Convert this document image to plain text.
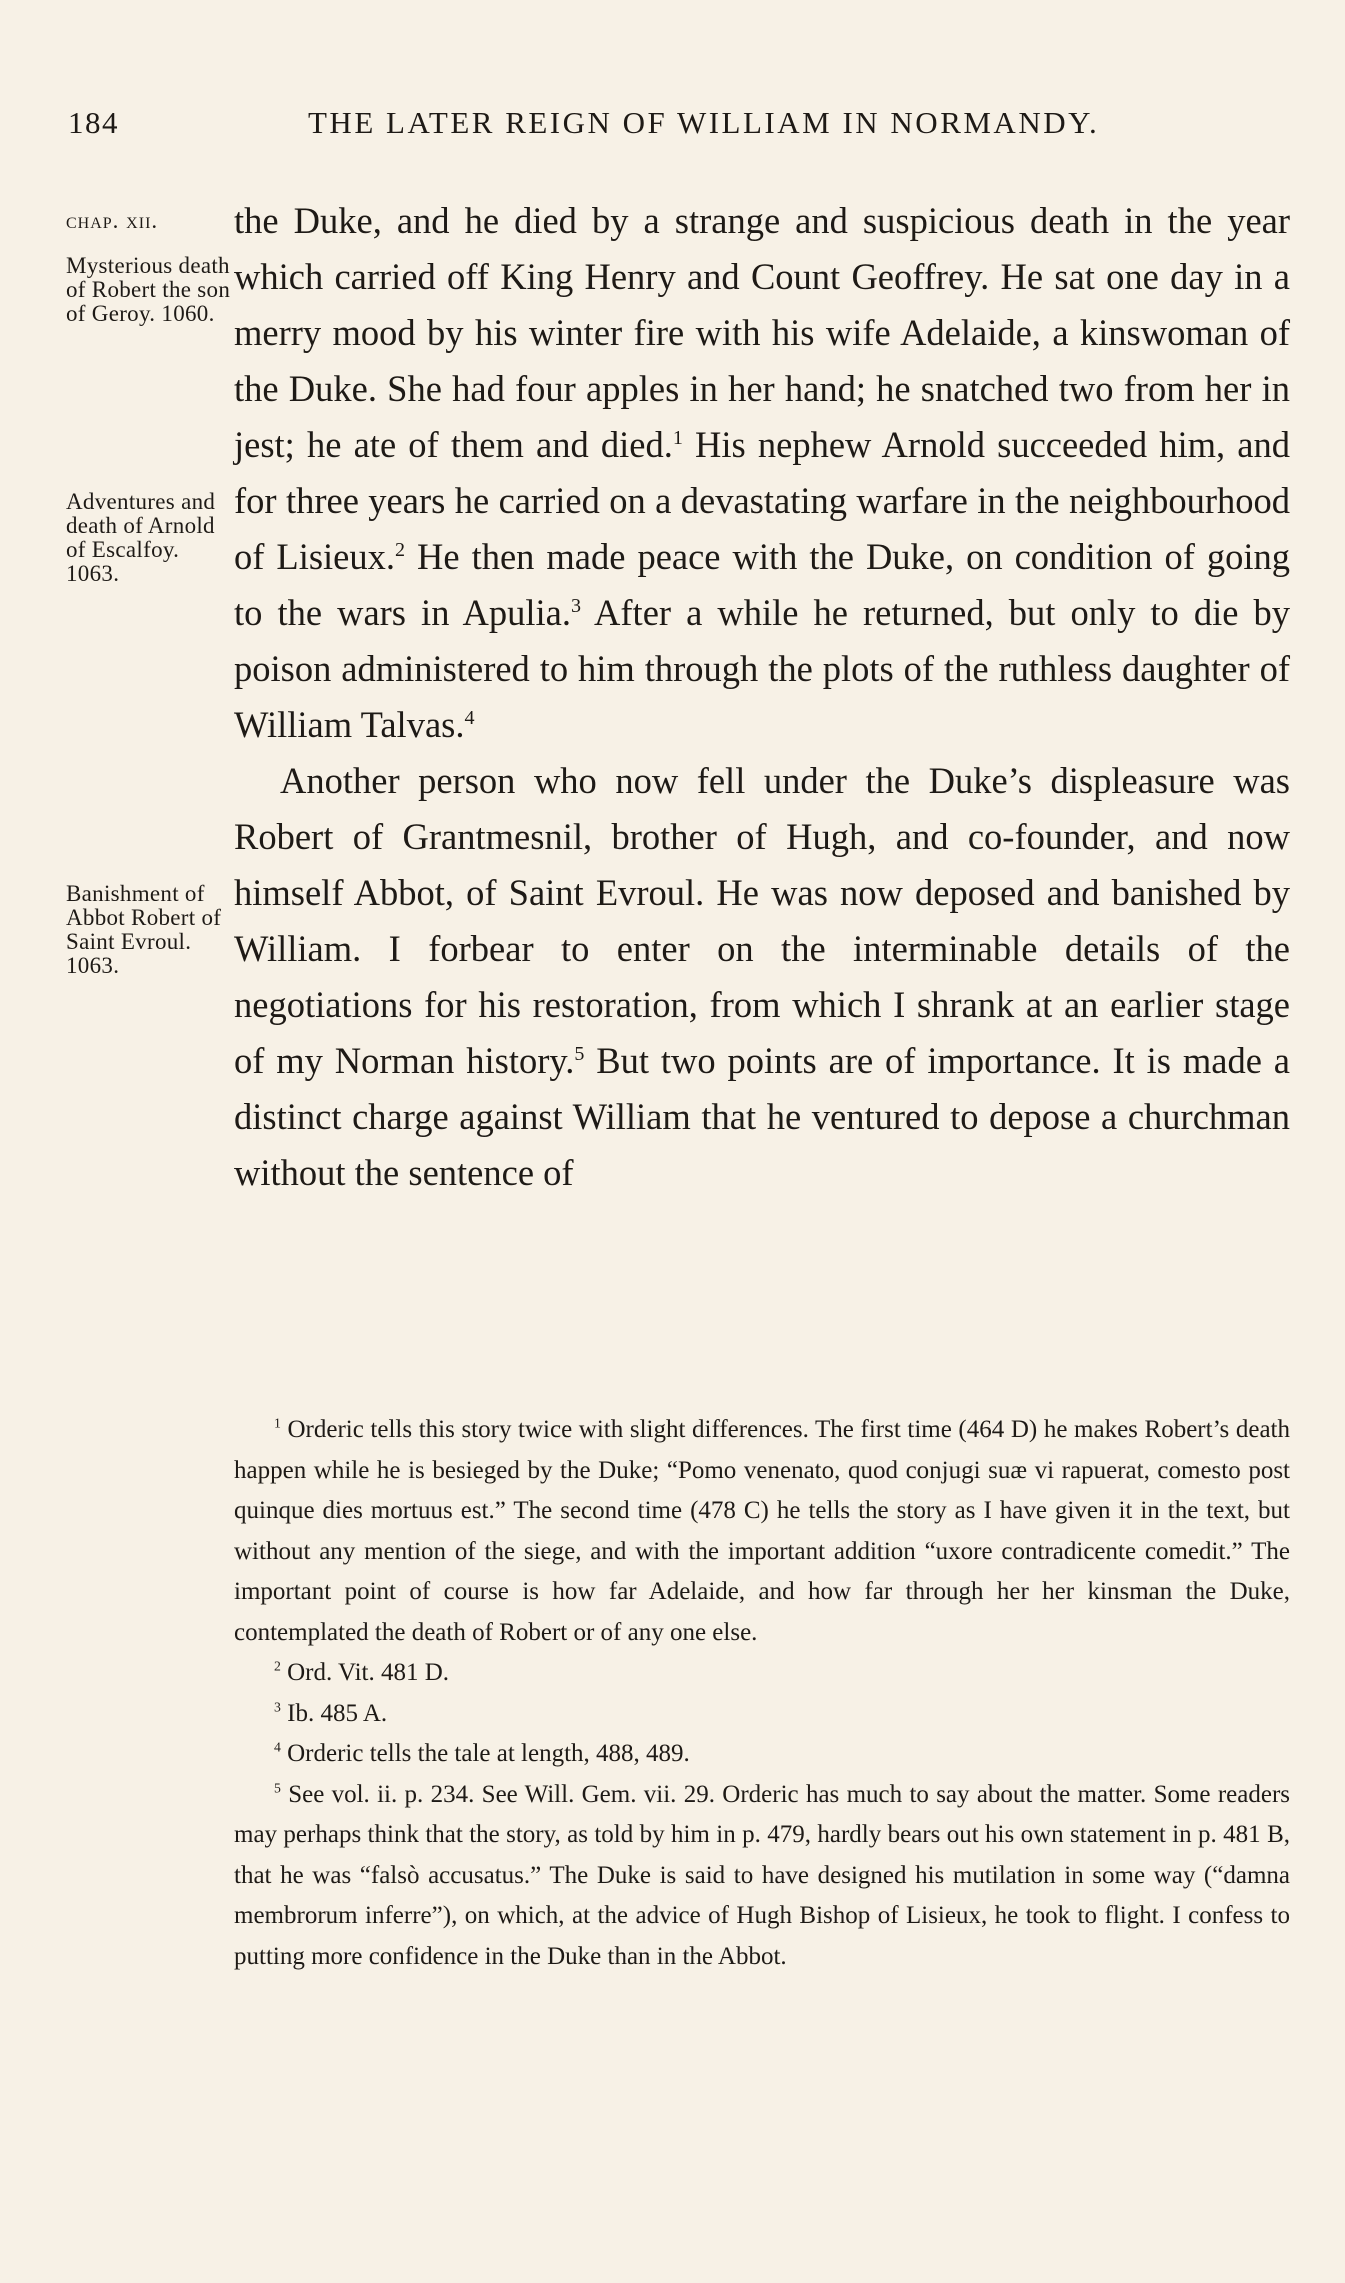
184	THE LATER REIGN OF WILLIAM IN NORMANDY.
chap. xii.
Mysterious death of Robert the son of Geroy. 1060.
Adventures and death of Arnold of Escalfoy. 1063.
Banishment of Abbot Robert of Saint Evroul. 1063.

the Duke, and he died by a strange and suspicious death in the year which carried off King Henry and Count Geoffrey. He sat one day in a merry mood by his winter fire with his wife Adelaide, a kinswoman of the Duke. She had four apples in her hand; he snatched two from her in jest; he ate of them and died.$^1$ His nephew Arnold succeeded him, and for three years he carried on a devastating warfare in the neighbourhood of Lisieux.$^2$ He then made peace with the Duke, on condition of going to the wars in Apulia.$^3$ After a while he returned, but only to die by poison administered to him through the plots of the ruthless daughter of William Talvas.$^4$

Another person who now fell under the Duke’s displeasure was Robert of Grantmesnil, brother of Hugh, and co-founder, and now himself Abbot, of Saint Evroul. He was now deposed and banished by William. I forbear to enter on the interminable details of the negotiations for his restoration, from which I shrank at an earlier stage of my Norman history.$^5$ But two points are of importance. It is made a distinct charge against William that he ventured to depose a churchman without the sentence of

$^1$ Orderic tells this story twice with slight differences. The first time (464 D) he makes Robert’s death happen while he is besieged by the Duke; “Pomo venenato, quod conjugi suæ vi rapuerat, comesto post quinque dies mortuus est.” The second time (478 C) he tells the story as I have given it in the text, but without any mention of the siege, and with the important addition “uxore contradicente comedit.” The important point of course is how far Adelaide, and how far through her her kinsman the Duke, contemplated the death of Robert or of any one else.

$^2$ Ord. Vit. 481 D.

$^3$ Ib. 485 A.

$^4$ Orderic tells the tale at length, 488, 489.

$^5$ See vol. ii. p. 234. See Will. Gem. vii. 29. Orderic has much to say about the matter. Some readers may perhaps think that the story, as told by him in p. 479, hardly bears out his own statement in p. 481 B, that he was “falsò accusatus.” The Duke is said to have designed his mutilation in some way (“damna membrorum inferre”), on which, at the advice of Hugh Bishop of Lisieux, he took to flight. I confess to putting more confidence in the Duke than in the Abbot.
